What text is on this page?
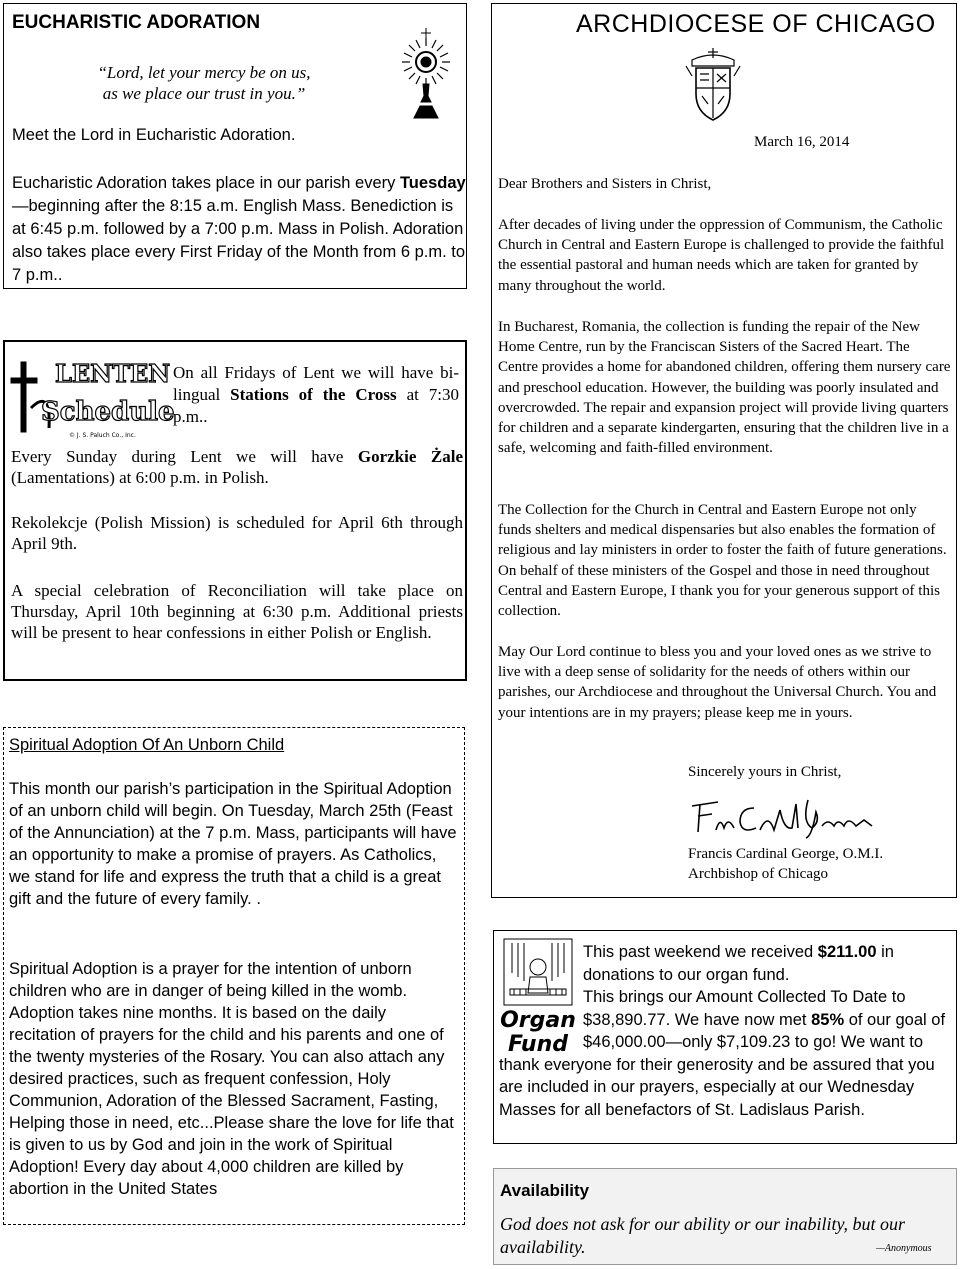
EUCHARISTIC ADORATION
“Lord, let your mercy be on us,
as we place our trust in you.”
Meet the Lord in Eucharistic Adoration.
Eucharistic Adoration takes place in our parish every Tuesday—beginning after the 8:15 a.m. English Mass. Benediction is at 6:45 p.m. followed by a 7:00 p.m. Mass in Polish. Adoration also takes place every First Friday of the Month from 6 p.m. to 7 p.m..
LENTEN
Schedule
© J. S. Paluch Co., Inc.
On all Fridays of Lent we will have bi-lingual Stations of the Cross at 7:30 p.m..
Every Sunday during Lent we will have Gorzkie Żale (Lamentations) at 6:00 p.m. in Polish.
Rekolekcje (Polish Mission) is scheduled for April 6th through April 9th.
A special celebration of Reconciliation will take place on Thursday, April 10th beginning at 6:30 p.m. Additional priests will be present to hear confessions in either Polish or English.
Spiritual Adoption Of An Unborn Child
This month our parish’s participation in the Spiritual Adoption of an unborn child will begin. On Tuesday, March 25th (Feast of the Annunciation) at the 7 p.m. Mass, participants will have an opportunity to make a promise of prayers. As Catholics, we stand for life and express the truth that a child is a great gift and the future of every family. .
Spiritual Adoption is a prayer for the intention of unborn children who are in danger of being killed in the womb. Adoption takes nine months. It is based on the daily recitation of prayers for the child and his parents and one of the twenty mysteries of the Rosary. You can also attach any desired practices, such as frequent confession, Holy Communion, Adoration of the Blessed Sacrament, Fasting, Helping those in need, etc...Please share the love for life that is given to us by God and join in the work of Spiritual Adoption! Every day about 4,000 children are killed by abortion in the United States
ARCHDIOCESE OF CHICAGO
March 16, 2014
Dear Brothers and Sisters in Christ,
After decades of living under the oppression of Communism, the Catholic Church in Central and Eastern Europe is challenged to provide the faithful the essential pastoral and human needs which are taken for granted by many throughout the world.
In Bucharest, Romania, the collection is funding the repair of the New Home Centre, run by the Franciscan Sisters of the Sacred Heart. The Centre provides a home for abandoned children, offering them nursery care and preschool education. However, the building was poorly insulated and overcrowded. The repair and expansion project will provide living quarters for children and a separate kindergarten, ensuring that the children live in a safe, welcoming and faith-filled environment.
The Collection for the Church in Central and Eastern Europe not only funds shelters and medical dispensaries but also enables the formation of religious and lay ministers in order to foster the faith of future generations. On behalf of these ministers of the Gospel and those in need throughout Central and Eastern Europe, I thank you for your generous support of this collection.
May Our Lord continue to bless you and your loved ones as we strive to live with a deep sense of solidarity for the needs of others within our parishes, our Archdiocese and throughout the Universal Church. You and your intentions are in my prayers; please keep me in yours.
Sincerely yours in Christ,
Francis Cardinal George, O.M.I.
Archbishop of Chicago
Organ
Fund
This past weekend we received $211.00 in donations to our organ fund.
This brings our Amount Collected To Date to $38,890.77. We have now met 85% of our goal of $46,000.00—only $7,109.23 to go! We want to thank everyone for their generosity and be assured that you are included in our prayers, especially at our Wednesday Masses for all benefactors of St. Ladislaus Parish.
Availability
God does not ask for our ability or our inability, but our availability.	—Anonymous
